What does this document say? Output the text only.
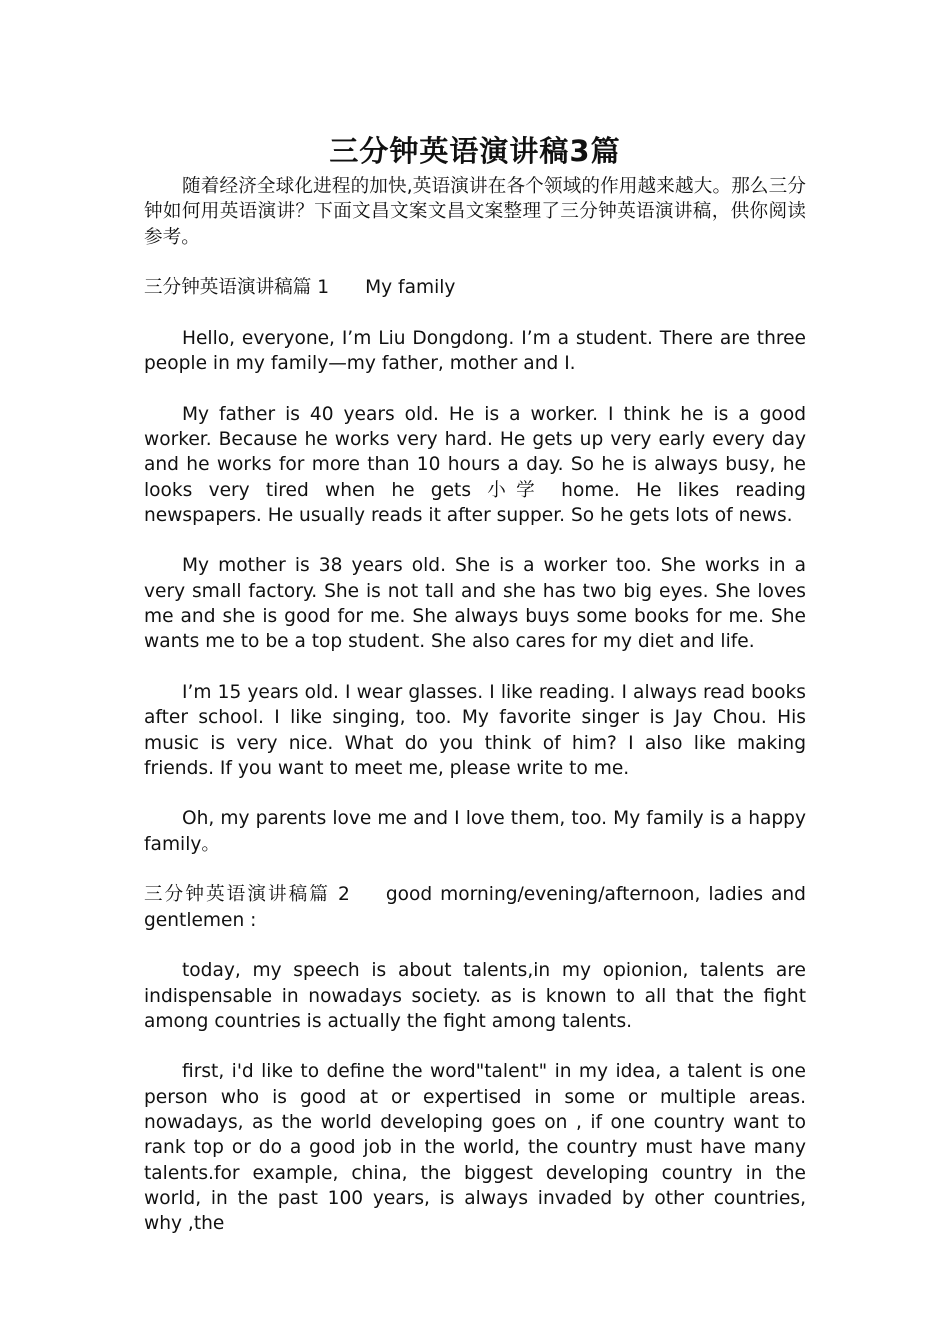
三分钟英语演讲稿3篇

随着经济全球化进程的加快,英语演讲在各个领域的作用越来越大。那么三分钟如何用英语演讲？下面文昌文案文昌文案整理了三分钟英语演讲稿，供你阅读参考。

三分钟英语演讲稿篇 1 My family

Hello, everyone, I’m Liu Dongdong. I’m a student. There are three people in my family—my father, mother and I.

My father is 40 years old. He is a worker. I think he is a good worker. Because he works very hard. He gets up very early every day and he works for more than 10 hours a day. So he is always busy, he looks very tired when he gets 小学 home. He likes reading newspapers. He usually reads it after supper. So he gets lots of news.

My mother is 38 years old. She is a worker too. She works in a very small factory. She is not tall and she has two big eyes. She loves me and she is good for me. She always buys some books for me. She wants me to be a top student. She also cares for my diet and life.

I’m 15 years old. I wear glasses. I like reading. I always read books after school. I like singing, too. My favorite singer is Jay Chou. His music is very nice. What do you think of him? I also like making friends. If you want to meet me, please write to me.

Oh, my parents love me and I love them, too. My family is a happy family。

三分钟英语演讲稿篇 2 good morning/evening/afternoon, ladies and gentlemen :

today, my speech is about talents,in my opionion, talents are indispensable in nowadays society. as is known to all that the fight among countries is actually the fight among talents.

first, i'd like to define the word"talent" in my idea, a talent is one person who is good at or expertised in some or multiple areas. nowadays, as the world developing goes on , if one country want to rank top or do a good job in the world, the country must have many talents.for example, china, the biggest developing country in the world, in the past 100 years, is always invaded by other countries, why ,the
